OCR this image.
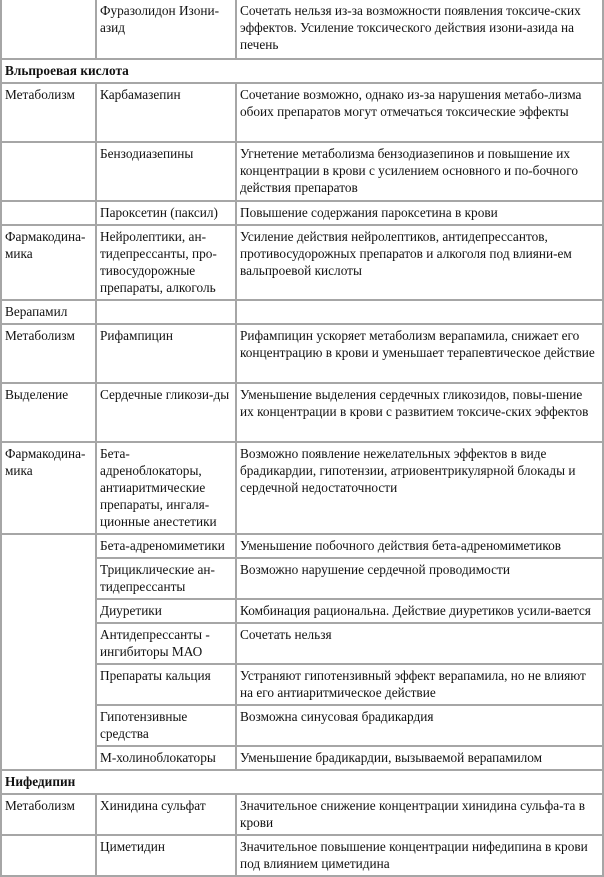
	Фуразолидон Изони-азид	Сочетать нельзя из-за возможности появления токсиче-ских эффектов. Усиление токсического действия изони-азида на печень
Вльпроевая кислота		
Метаболизм	Карбамазепин	Сочетание возможно, однако из-за нарушения метабо-лизма обоих препаратов могут отмечаться токсические эффекты
	Бензодиазепины	Угнетение метаболизма бензодиазепинов и повышение их концентрации в крови с усилением основного и по-бочного действия препаратов
	Пароксетин (паксил)	Повышение содержания пароксетина в крови
Фармакодина-мика	Нейролептики, ан-тидепрессанты, про-тивосудорожные препараты, алкоголь	Усиление действия нейролептиков, антидепрессантов, противосудорожных препаратов и алкоголя под влияни-ем вальпроевой кислоты
Верапамил		
Метаболизм	Рифампицин	Рифампицин ускоряет метаболизм верапамила, снижает его концентрацию в крови и уменьшает терапевтическое действие
Выделение	Сердечные гликози-ды	Уменьшение выделения сердечных гликозидов, повы-шение их концентрации в крови с развитием токсиче-ских эффектов
Фармакодина-мика	Бета-адреноблокаторы, антиаритмические препараты, ингаля-ционные анестетики	Возможно появление нежелательных эффектов в виде брадикардии, гипотензии, атриовентрикулярной блокады и сердечной недостаточности
	Бета-адреномиметики	Уменьшение побочного действия бета-адреномиметиков
	Трициклические ан-тидепрессанты	Возможно нарушение сердечной проводимости
	Диуретики	Комбинация рациональна. Действие диуретиков усили-вается
	Антидепрессанты - ингибиторы МАО	Сочетать нельзя
	Препараты кальция	Устраняют гипотензивный эффект верапамила, но не влияют на его антиаритмическое действие
	Гипотензивные средства	Возможна синусовая брадикардия
	М-холиноблокаторы	Уменьшение брадикардии, вызываемой верапамилом
Нифедипин		
Метаболизм	Хинидина сульфат	Значительное снижение концентрации хинидина сульфа-та в крови
	Циметидин	Значительное повышение концентрации нифедипина в крови под влиянием циметидина
